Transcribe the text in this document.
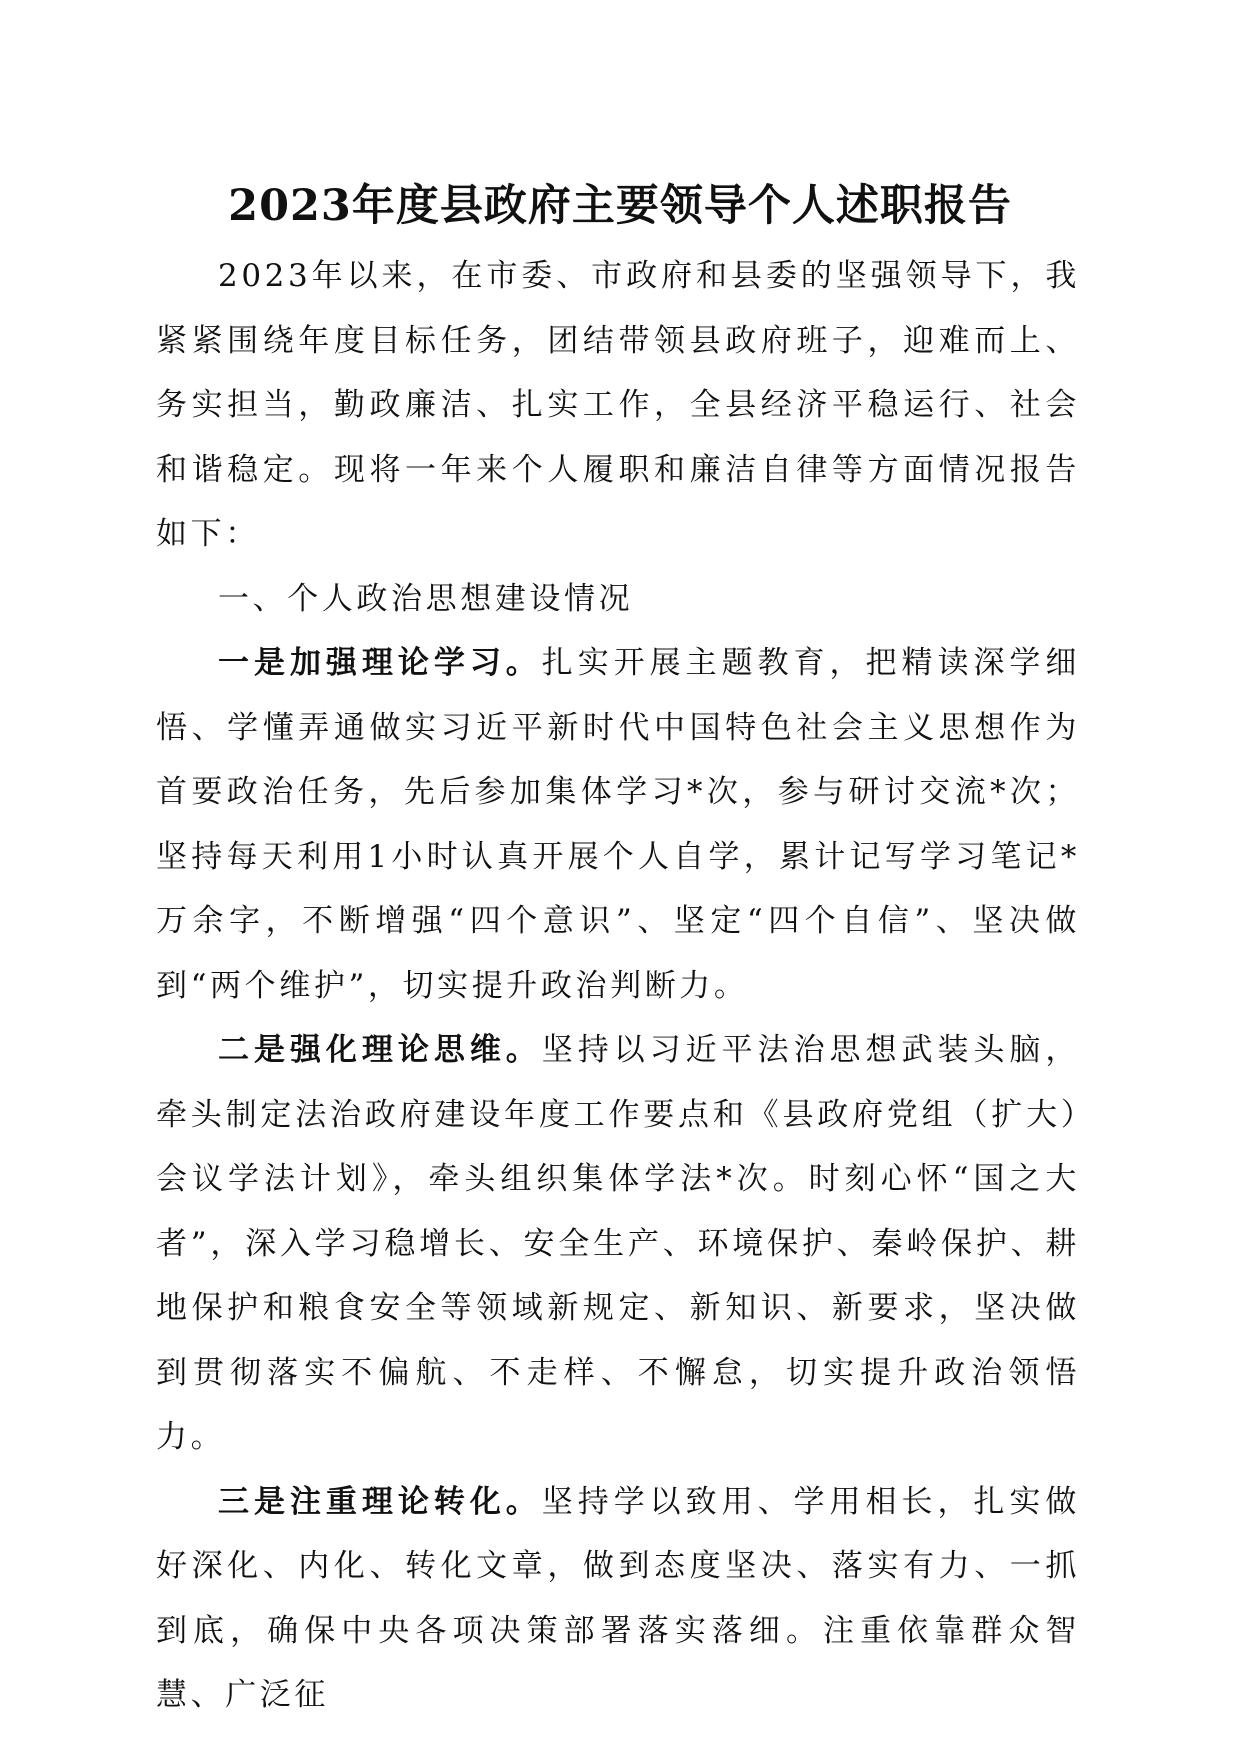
2023年度县政府主要领导个人述职报告

2023年以来，在市委、市政府和县委的坚强领导下，我紧紧围绕年度目标任务，团结带领县政府班子，迎难而上、务实担当，勤政廉洁、扎实工作，全县经济平稳运行、社会和谐稳定。现将一年来个人履职和廉洁自律等方面情况报告如下：

一、个人政治思想建设情况

一是加强理论学习。扎实开展主题教育，把精读深学细悟、学懂弄通做实习近平新时代中国特色社会主义思想作为首要政治任务，先后参加集体学习*次，参与研讨交流*次；坚持每天利用1小时认真开展个人自学，累计记写学习笔记*万余字，不断增强“四个意识”、坚定“四个自信”、坚决做到“两个维护”，切实提升政治判断力。

二是强化理论思维。坚持以习近平法治思想武装头脑，牵头制定法治政府建设年度工作要点和《县政府党组（扩大）会议学法计划》，牵头组织集体学法*次。时刻心怀“国之大者”，深入学习稳增长、安全生产、环境保护、秦岭保护、耕地保护和粮食安全等领域新规定、新知识、新要求，坚决做到贯彻落实不偏航、不走样、不懈怠，切实提升政治领悟力。

三是注重理论转化。坚持学以致用、学用相长，扎实做好深化、内化、转化文章，做到态度坚决、落实有力、一抓到底，确保中央各项决策部署落实落细。注重依靠群众智慧、广泛征
